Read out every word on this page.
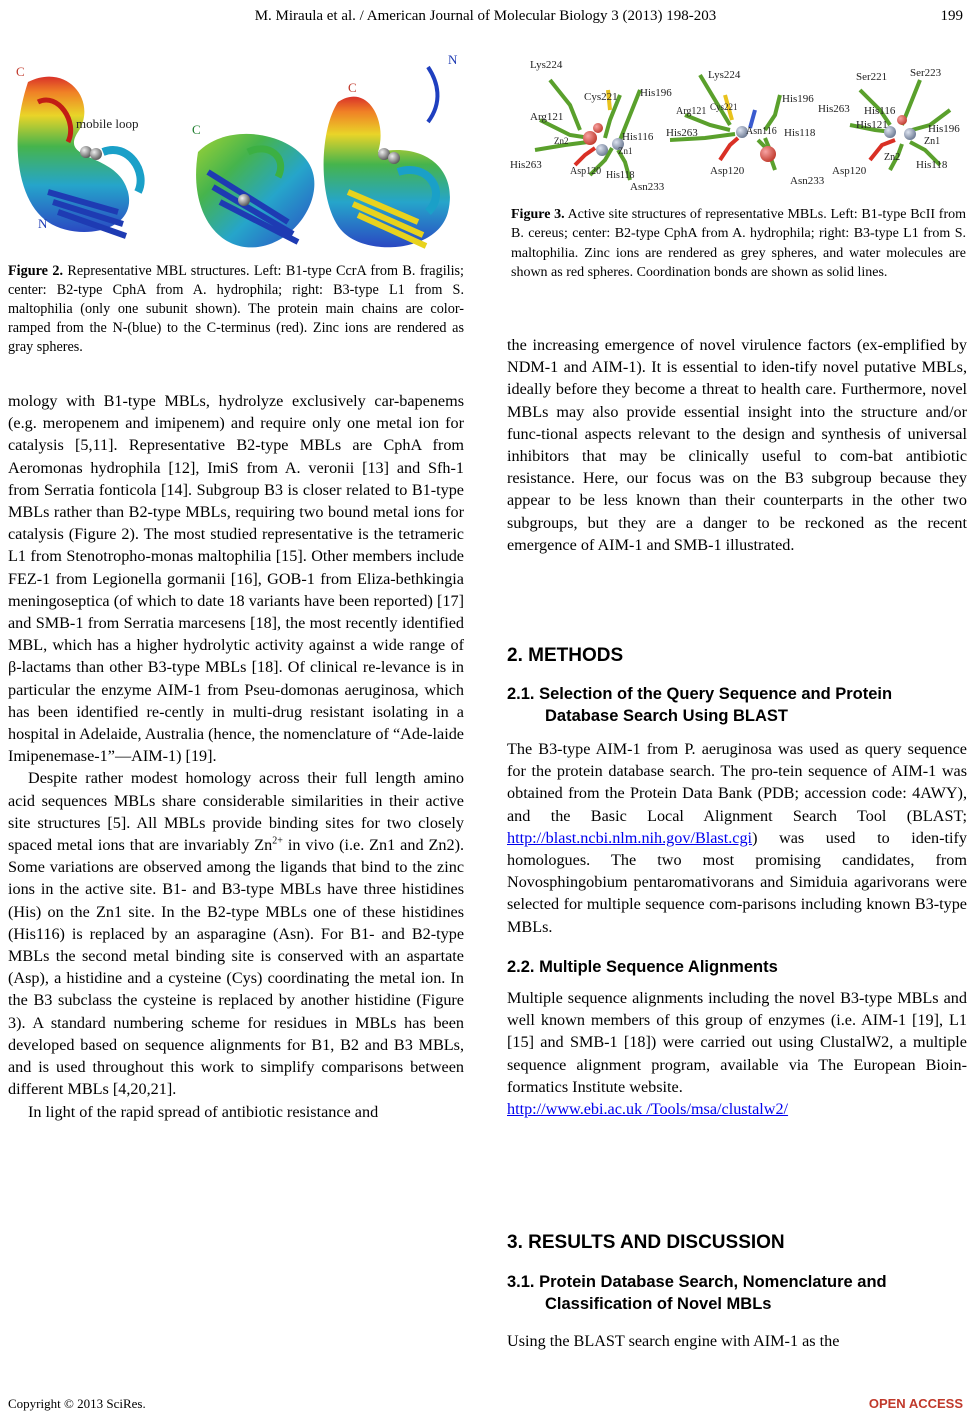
M. Miraula et al. / American Journal of Molecular Biology 3 (2013) 198-203	199
C
N
mobile loop	C
C
N
Figure 2. Representative MBL structures. Left: B1-type CcrA from B. fragilis; center: B2-type CphA from A. hydrophila; right: B3-type L1 from S. maltophilia (only one subunit shown). The protein main chains are color-ramped from the N-(blue) to the C-terminus (red). Zinc ions are rendered as gray spheres.
Lys224
Cys221 His196
Arg121
Zn2	His116
Zn1
His263
Asp120 His118
Asn233
Lys224
Arg121 Cys221
His196
His263	Asn116 His118
Asp120
Asn233
Ser221 Ser223
His263 His116
His121	His196
Zn1
Zn2
Asp120	His118
Figure 3. Active site structures of representative MBLs. Left: B1-type BcII from B. cereus; center: B2-type CphA from A. hydrophila; right: B3-type L1 from S. maltophilia. Zinc ions are rendered as grey spheres, and water molecules are shown as red spheres. Coordination bonds are shown as solid lines.

mology with B1-type MBLs, hydrolyze exclusively car-bapenems (e.g. meropenem and imipenem) and require only one metal ion for catalysis [5,11]. Representative B2-type MBLs are CphA from Aeromonas hydrophila [12], ImiS from A. veronii [13] and Sfh-1 from Serratia fonticola [14]. Subgroup B3 is closer related to B1-type MBLs rather than B2-type MBLs, requiring two bound metal ions for catalysis (Figure 2). The most studied representative is the tetrameric L1 from Stenotropho-monas maltophilia [15]. Other members include FEZ-1 from Legionella gormanii [16], GOB-1 from Eliza-bethkingia meningoseptica (of which to date 18 variants have been reported) [17] and SMB-1 from Serratia marcesens [18], the most recently identified MBL, which has a higher hydrolytic activity against a wide range of β-lactams than other B3-type MBLs [18]. Of clinical re-levance is in particular the enzyme AIM-1 from Pseu-domonas aeruginosa, which has been identified re-cently in multi-drug resistant isolating in a hospital in Adelaide, Australia (hence, the nomenclature of “Ade-laide Imipenemase-1”—AIM-1) [19].

Despite rather modest homology across their full length amino acid sequences MBLs share considerable similarities in their active site structures [5]. All MBLs provide binding sites for two closely spaced metal ions that are invariably $Zn^{2+}$ in vivo (i.e. Zn1 and Zn2). Some variations are observed among the ligands that bind to the zinc ions in the active site. B1- and B3-type MBLs have three histidines (His) on the Zn1 site. In the B2-type MBLs one of these histidines (His116) is replaced by an asparagine (Asn). For B1- and B2-type MBLs the second metal binding site is conserved with an aspartate (Asp), a histidine and a cysteine (Cys) coordinating the metal ion. In the B3 subclass the cysteine is replaced by another histidine (Figure 3). A standard numbering scheme for residues in MBLs has been developed based on sequence alignments for B1, B2 and B3 MBLs, and is used throughout this work to simplify comparisons between different MBLs [4,20,21].

In light of the rapid spread of antibiotic resistance and

the increasing emergence of novel virulence factors (ex-emplified by NDM-1 and AIM-1). It is essential to iden-tify novel putative MBLs, ideally before they become a threat to health care. Furthermore, novel MBLs may also provide essential insight into the structure and/or func-tional aspects relevant to the design and synthesis of universal inhibitors that may be clinically useful to com-bat antibiotic resistance. Here, our focus was on the B3 subgroup because they appear to be less known than their counterparts in the other two subgroups, but they are a danger to be reckoned as the recent emergence of AIM-1 and SMB-1 illustrated.

2. METHODS
2.1. Selection of the Query Sequence and Protein Database Search Using BLAST

The B3-type AIM-1 from P. aeruginosa was used as query sequence for the protein database search. The pro-tein sequence of AIM-1 was obtained from the Protein Data Bank (PDB; accession code: 4AWY), and the Basic Local Alignment Search Tool (BLAST; http://blast.ncbi.nlm.nih.gov/Blast.cgi) was used to iden-tify homologues. The two most promising candidates, from Novosphingobium pentaromativorans and Simiduia agarivorans were selected for multiple sequence com-parisons including known B3-type MBLs.

2.2. Multiple Sequence Alignments

Multiple sequence alignments including the novel B3-type MBLs and well known members of this group of enzymes (i.e. AIM-1 [19], L1 [15] and SMB-1 [18]) were carried out using ClustalW2, a multiple sequence alignment program, available via The European Bioin-formatics Institute website.

http://www.ebi.ac.uk /Tools/msa/clustalw2/

3. RESULTS AND DISCUSSION
3.1. Protein Database Search, Nomenclature and Classification of Novel MBLs

Using the BLAST search engine with AIM-1 as the

Copyright © 2013 SciRes.	OPEN ACCESS
